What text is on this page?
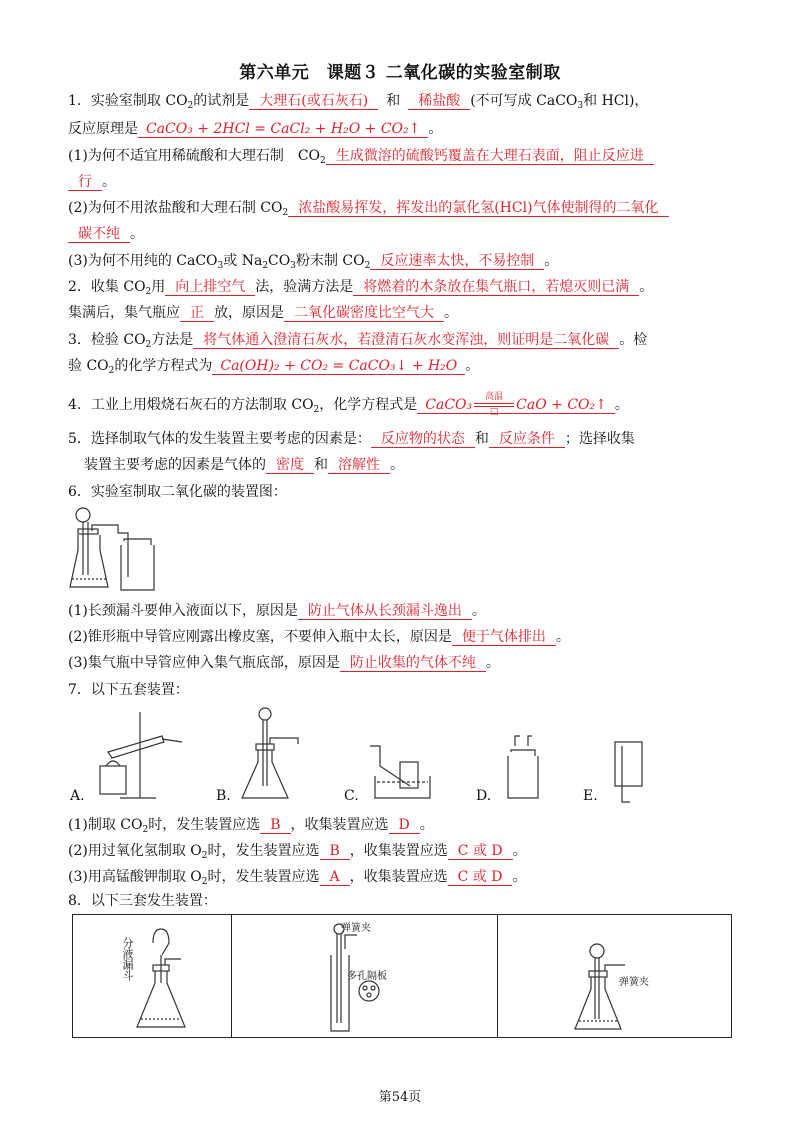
第六单元　课题３ 二氧化碳的实验室制取
1．实验室制取 $CO_2$的试剂是 大理石(或石灰石) 和 稀盐酸 (不可写成 CaCO$_3$和 HCl)，
反应原理是 CaCO₃ + 2HCl = CaCl₂ + H₂O + CO₂↑ 。
(1)为何不适宜用稀硫酸和大理石制　$CO_2$ 生成微溶的硫酸钙覆盖在大理石表面，阻止反应进
行 。
(2)为何不用浓盐酸和大理石制 $CO_2$ 浓盐酸易挥发，挥发出的氯化氢(HCl)气体使制得的二氧化
碳不纯 。
(3)为何不用纯的 CaCO$_3$或 $Na_2CO_3$粉末制 $CO_2$ 反应速率太快，不易控制 。
2．收集 $CO_2$用 向上排空气 法，验满方法是 将燃着的木条放在集气瓶口，若熄灭则已满 。
集满后，集气瓶应 正 放，原因是 二氧化碳密度比空气大 。
3．检验 $CO_2$方法是 将气体通入澄清石灰水，若澄清石灰水变浑浊，则证明是二氧化碳 。检
验 $CO_2$的化学方程式为 Ca(OH)₂ + CO₂ = CaCO₃↓ + H₂O 。
4．工业上用煅烧石灰石的方法制取 $CO_2$，化学方程式是 CaCO₃ $\frac{\text{高温}}{□}$ CaO + CO₂↑ 。
5．选择制取气体的发生装置主要考虑的因素是： 反应物的状态 和 反应条件 ；选择收集
装置主要考虑的因素是气体的 密度 和 溶解性 。
6．实验室制取二氧化碳的装置图：
(1)长颈漏斗要伸入液面以下，原因是 防止气体从长颈漏斗逸出 。
(2)锥形瓶中导管应刚露出橡皮塞，不要伸入瓶中太长，原因是 便于气体排出 。
(3)集气瓶中导管应伸入集气瓶底部，原因是 防止收集的气体不纯 。
7．以下五套装置：
A.	B.	C.	D.	E.
(1)制取 $CO_2$时，发生装置应选 B ，收集装置应选 D 。
(2)用过氧化氢制取 $O_2$时，发生装置应选 B ，收集装置应选 C 或 D 。
(3)用高锰酸钾制取 $O_2$时，发生装置应选 A ，收集装置应选 C 或 D 。
8．以下三套发生装置：
分液漏斗
弹簧夹
多孔隔板
弹簧夹
第54页
